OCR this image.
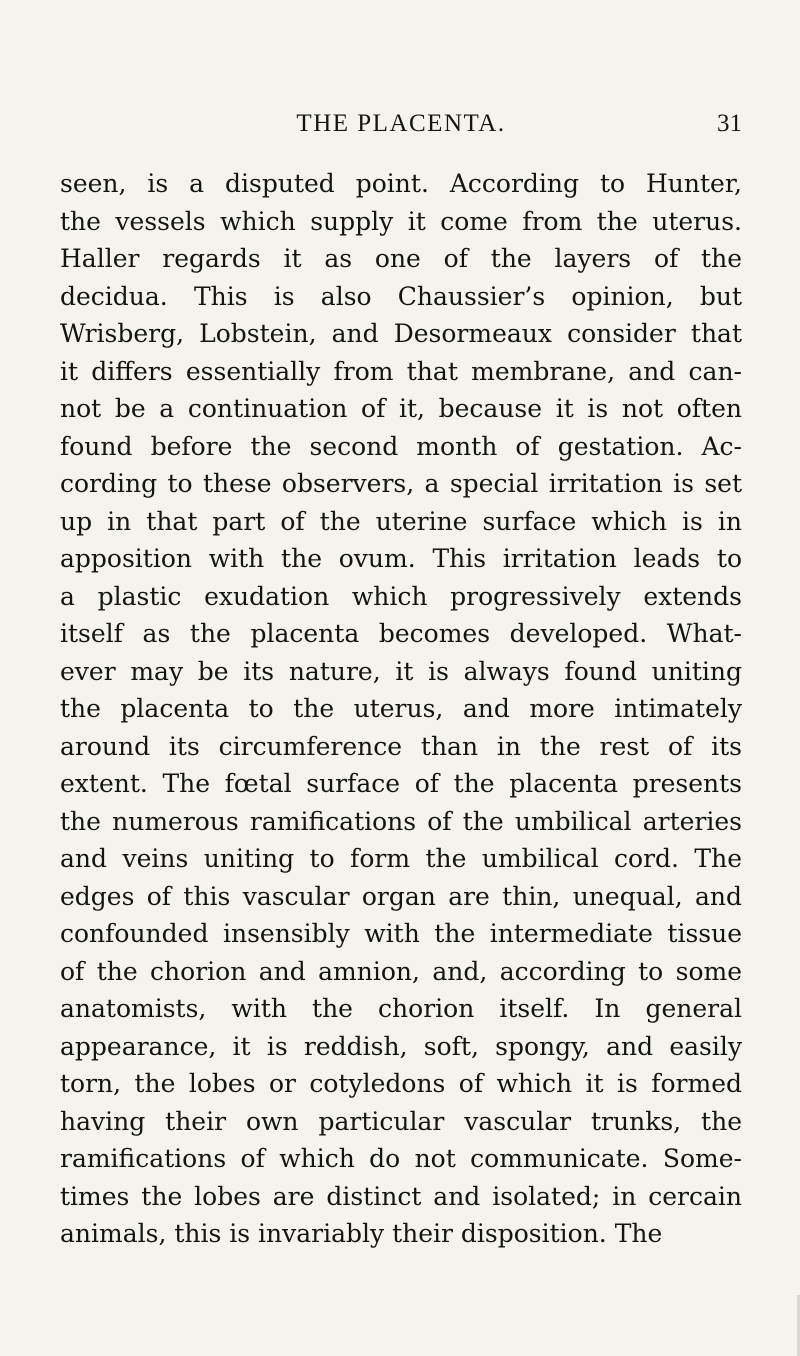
THE PLACENTA.	31
seen, is a disputed point. According to Hunter,
the vessels which supply it come from the uterus.
Haller regards it as one of the layers of the
decidua. This is also Chaussier’s opinion, but
Wrisberg, Lobstein, and Desormeaux consider that
it differs essentially from that membrane, and can-
not be a continuation of it, because it is not often
found before the second month of gestation. Ac-
cording to these observers, a special irritation is set
up in that part of the uterine surface which is in
apposition with the ovum. This irritation leads to
a plastic exudation which progressively extends
itself as the placenta becomes developed. What-
ever may be its nature, it is always found uniting
the placenta to the uterus, and more intimately
around its circumference than in the rest of its
extent. The fœtal surface of the placenta presents
the numerous ramifications of the umbilical arteries
and veins uniting to form the umbilical cord. The
edges of this vascular organ are thin, unequal, and
confounded insensibly with the intermediate tissue
of the chorion and amnion, and, according to some
anatomists, with the chorion itself. In general
appearance, it is reddish, soft, spongy, and easily
torn, the lobes or cotyledons of which it is formed
having their own particular vascular trunks, the
ramifications of which do not communicate. Some-
times the lobes are distinct and isolated; in cercain
animals, this is invariably their disposition. The
